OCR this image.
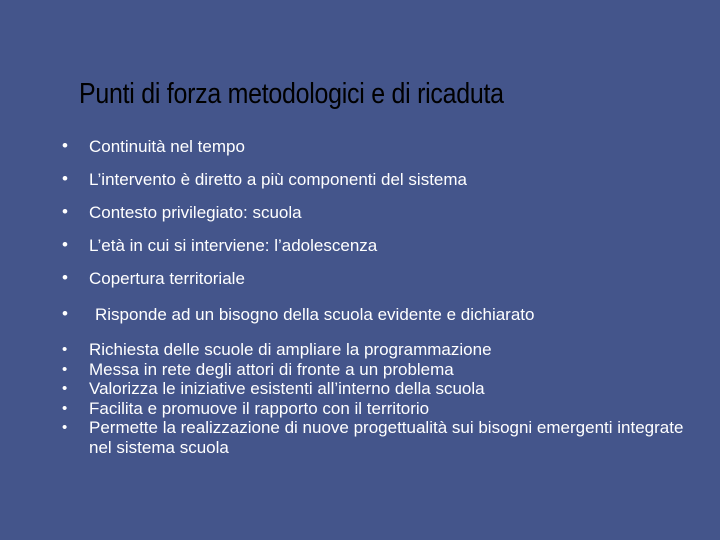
Punti di forza metodologici e di ricaduta
• Continuità nel tempo
• L’intervento è diretto a più componenti del sistema
• Contesto privilegiato: scuola
• L’età in cui si interviene: l’adolescenza
• Copertura territoriale
• Risponde ad un bisogno della scuola evidente e dichiarato
• Richiesta delle scuole di ampliare la programmazione
• Messa in rete degli attori di fronte a un problema
• Valorizza le iniziative esistenti all’interno della scuola
• Facilita e promuove il rapporto con il territorio
• Permette la realizzazione di nuove progettualità sui bisogni emergenti integrate nel sistema scuola
